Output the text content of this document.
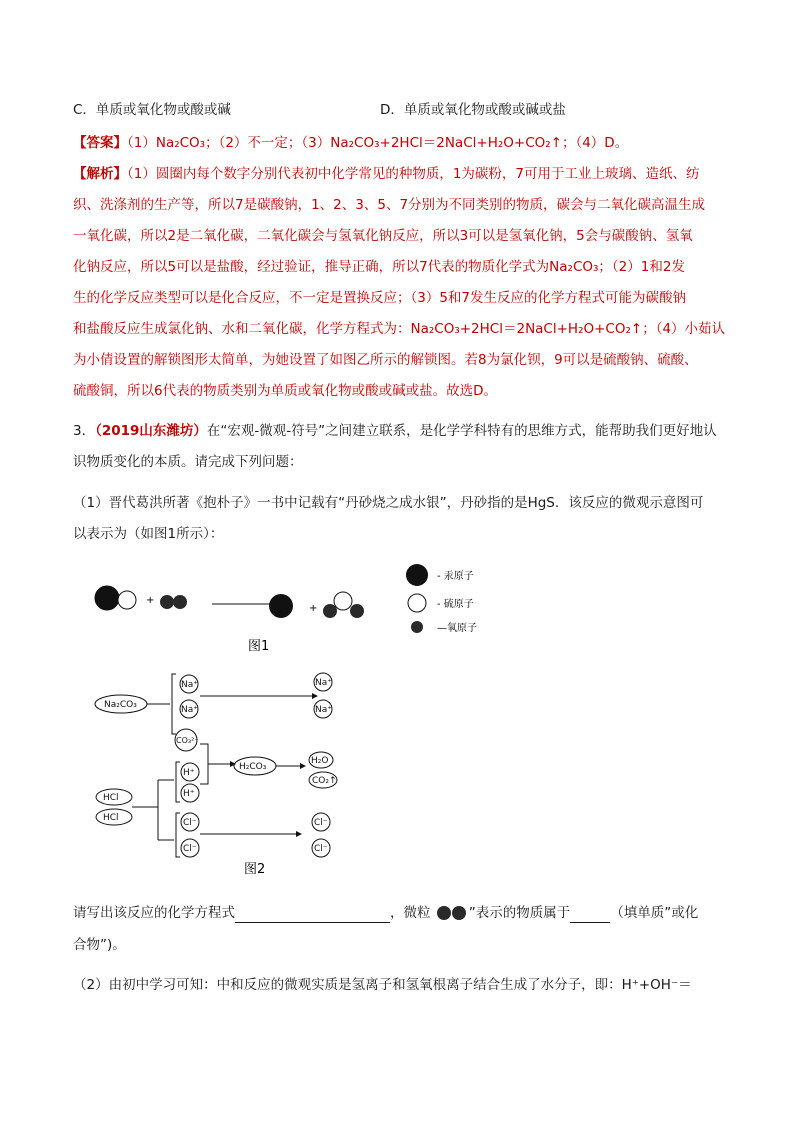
C．单质或氧化物或酸或碱	D．单质或氧化物或酸或碱或盐
【答案】（1）Na₂CO₃；（2）不一定；（3）Na₂CO₃+2HCl＝2NaCl+H₂O+CO₂↑；（4）D。
【解析】（1）圆圈内每个数字分别代表初中化学常见的种物质，1为碳粉，7可用于工业上玻璃、造纸、纺
织、洗涤剂的生产等，所以7是碳酸钠，1、2、3、5、7分别为不同类别的物质，碳会与二氧化碳高温生成
一氧化碳，所以2是二氧化碳，二氧化碳会与氢氧化钠反应，所以3可以是氢氧化钠，5会与碳酸钠、氢氧
化钠反应，所以5可以是盐酸，经过验证，推导正确，所以7代表的物质化学式为Na₂CO₃；（2）1和2发
生的化学反应类型可以是化合反应，不一定是置换反应；（3）5和7发生反应的化学方程式可能为碳酸钠
和盐酸反应生成氯化钠、水和二氧化碳，化学方程式为：Na₂CO₃+2HCl＝2NaCl+H₂O+CO₂↑；（4）小茹认
为小倩设置的解锁图形太简单，为她设置了如图乙所示的解锁图。若8为氯化钡，9可以是硫酸钠、硫酸、
硫酸铜，所以6代表的物质类别为单质或氧化物或酸或碱或盐。故选D。
3．（2019山东潍坊）在“宏观-微观-符号”之间建立联系，是化学学科特有的思维方式，能帮助我们更好地认
识物质变化的本质。请完成下列问题：
（1）晋代葛洪所著《抱朴子》一书中记载有“丹砂烧之成水银”，丹砂指的是HgS．该反应的微观示意图可
以表示为（如图1所示）：
+
+
- 汞原子
- 硫原子
—氧原子
图1
Na₂CO₃
Na⁺
Na⁺
CO₃²⁻
H⁺
H⁺
Cl⁻
Cl⁻
HCl
HCl
H₂CO₃
Na⁺
Na⁺
H₂O
CO₂↑
Cl⁻
Cl⁻
图2
请写出该反应的化学方程式	，微粒	”表示的物质属于	（填单质”或化
合物”)。
（2）由初中学习可知：中和反应的微观实质是氢离子和氢氧根离子结合生成了水分子，即：H⁺+OH⁻＝
